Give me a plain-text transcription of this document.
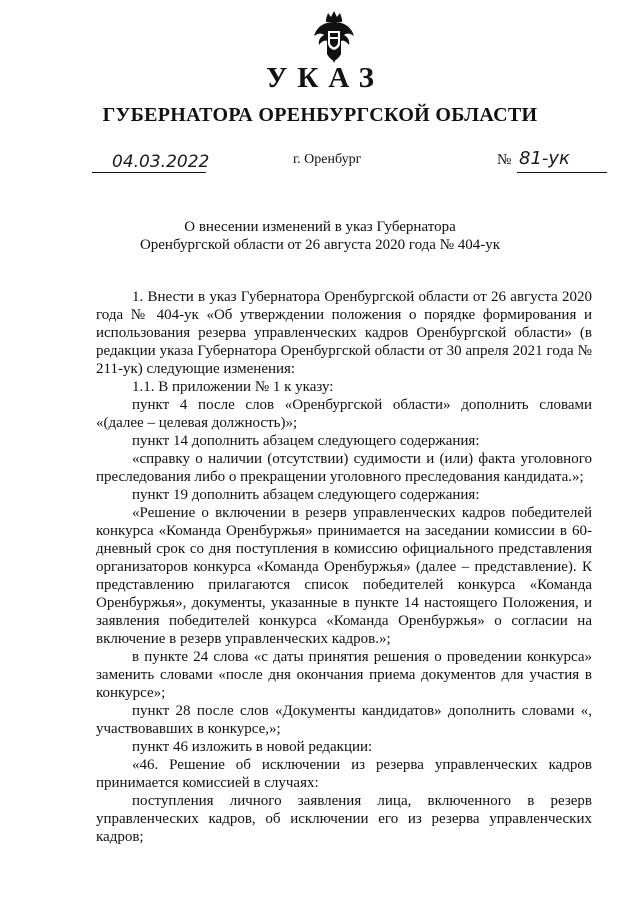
УКАЗ
ГУБЕРНАТОРА ОРЕНБУРГСКОЙ ОБЛАСТИ
04.03.2022	г. Оренбург	№ 81-ук
О внесении изменений в указ Губернатора
Оренбургской области от 26 августа 2020 года № 404-ук

1. Внести в указ Губернатора Оренбургской области от 26 августа 2020 года № 404-ук «Об утверждении положения о порядке формирования и использования резерва управленческих кадров Оренбургской области» (в редакции указа Губернатора Оренбургской области от 30 апреля 2021 года № 211-ук) следующие изменения:

1.1. В приложении № 1 к указу:

пункт 4 после слов «Оренбургской области» дополнить словами «(далее – целевая должность)»;

пункт 14 дополнить абзацем следующего содержания:

«справку о наличии (отсутствии) судимости и (или) факта уголовного преследования либо о прекращении уголовного преследования кандидата.»;

пункт 19 дополнить абзацем следующего содержания:

«Решение о включении в резерв управленческих кадров победителей конкурса «Команда Оренбуржья» принимается на заседании комиссии в 60-дневный срок со дня поступления в комиссию официального представления организаторов конкурса «Команда Оренбуржья» (далее – представление). К представлению прилагаются список победителей конкурса «Команда Оренбуржья», документы, указанные в пункте 14 настоящего Положения, и заявления победителей конкурса «Команда Оренбуржья» о согласии на включение в резерв управленческих кадров.»;

в пункте 24 слова «с даты принятия решения о проведении конкурса» заменить словами «после дня окончания приема документов для участия в конкурсе»;

пункт 28 после слов «Документы кандидатов» дополнить словами «, участвовавших в конкурсе,»;

пункт 46 изложить в новой редакции:

«46. Решение об исключении из резерва управленческих кадров принимается комиссией в случаях:

поступления личного заявления лица, включенного в резерв управленческих кадров, об исключении его из резерва управленческих кадров;
